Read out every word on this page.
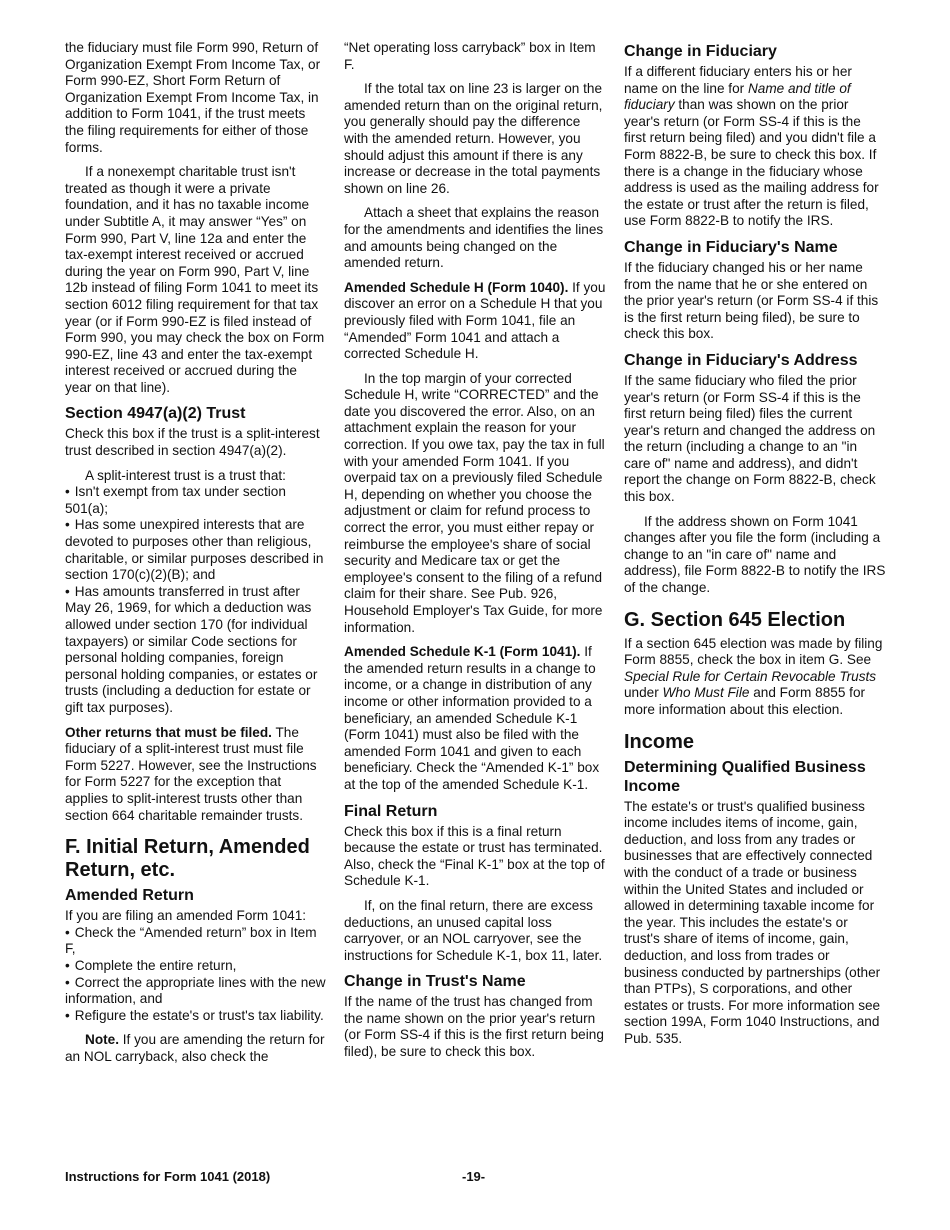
the fiduciary must file Form 990, Return of Organization Exempt From Income Tax, or Form 990-EZ, Short Form Return of Organization Exempt From Income Tax, in addition to Form 1041, if the trust meets the filing requirements for either of those forms.

If a nonexempt charitable trust isn't treated as though it were a private foundation, and it has no taxable income under Subtitle A, it may answer “Yes” on Form 990, Part V, line 12a and enter the tax-exempt interest received or accrued during the year on Form 990, Part V, line 12b instead of filing Form 1041 to meet its section 6012 filing requirement for that tax year (or if Form 990-EZ is filed instead of Form 990, you may check the box on Form 990-EZ, line 43 and enter the tax-exempt interest received or accrued during the year on that line).

Section 4947(a)(2) Trust

Check this box if the trust is a split-interest trust described in section 4947(a)(2).

A split-interest trust is a trust that:

• Isn't exempt from tax under section 501(a);
• Has some unexpired interests that are devoted to purposes other than religious, charitable, or similar purposes described in section 170(c)(2)(B); and
• Has amounts transferred in trust after May 26, 1969, for which a deduction was allowed under section 170 (for individual taxpayers) or similar Code sections for personal holding companies, foreign personal holding companies, or estates or trusts (including a deduction for estate or gift tax purposes).

Other returns that must be filed. The fiduciary of a split-interest trust must file Form 5227. However, see the Instructions for Form 5227 for the exception that applies to split-interest trusts other than section 664 charitable remainder trusts.

F. Initial Return, Amended Return, etc.
Amended Return

If you are filing an amended Form 1041:

• Check the “Amended return” box in Item F,
• Complete the entire return,
• Correct the appropriate lines with the new information, and
• Refigure the estate's or trust's tax liability.

Note. If you are amending the return for an NOL carryback, also check the

“Net operating loss carryback” box in Item F.

If the total tax on line 23 is larger on the amended return than on the original return, you generally should pay the difference with the amended return. However, you should adjust this amount if there is any increase or decrease in the total payments shown on line 26.

Attach a sheet that explains the reason for the amendments and identifies the lines and amounts being changed on the amended return.

Amended Schedule H (Form 1040). If you discover an error on a Schedule H that you previously filed with Form 1041, file an “Amended” Form 1041 and attach a corrected Schedule H.

In the top margin of your corrected Schedule H, write “CORRECTED” and the date you discovered the error. Also, on an attachment explain the reason for your correction. If you owe tax, pay the tax in full with your amended Form 1041. If you overpaid tax on a previously filed Schedule H, depending on whether you choose the adjustment or claim for refund process to correct the error, you must either repay or reimburse the employee's share of social security and Medicare tax or get the employee's consent to the filing of a refund claim for their share. See Pub. 926, Household Employer's Tax Guide, for more information.

Amended Schedule K-1 (Form 1041). If the amended return results in a change to income, or a change in distribution of any income or other information provided to a beneficiary, an amended Schedule K-1 (Form 1041) must also be filed with the amended Form 1041 and given to each beneficiary. Check the “Amended K-1” box at the top of the amended Schedule K-1.

Final Return

Check this box if this is a final return because the estate or trust has terminated. Also, check the “Final K-1” box at the top of Schedule K-1.

If, on the final return, there are excess deductions, an unused capital loss carryover, or an NOL carryover, see the instructions for Schedule K-1, box 11, later.

Change in Trust's Name

If the name of the trust has changed from the name shown on the prior year's return (or Form SS-4 if this is the first return being filed), be sure to check this box.

Change in Fiduciary

If a different fiduciary enters his or her name on the line for Name and title of fiduciary than was shown on the prior year's return (or Form SS-4 if this is the first return being filed) and you didn't file a Form 8822-B, be sure to check this box. If there is a change in the fiduciary whose address is used as the mailing address for the estate or trust after the return is filed, use Form 8822-B to notify the IRS.

Change in Fiduciary's Name

If the fiduciary changed his or her name from the name that he or she entered on the prior year's return (or Form SS-4 if this is the first return being filed), be sure to check this box.

Change in Fiduciary's Address

If the same fiduciary who filed the prior year's return (or Form SS-4 if this is the first return being filed) files the current year's return and changed the address on the return (including a change to an "in care of" name and address), and didn't report the change on Form 8822-B, check this box.

If the address shown on Form 1041 changes after you file the form (including a change to an "in care of" name and address), file Form 8822-B to notify the IRS of the change.

G. Section 645 Election

If a section 645 election was made by filing Form 8855, check the box in item G. See Special Rule for Certain Revocable Trusts under Who Must File and Form 8855 for more information about this election.

Income
Determining Qualified Business Income

The estate's or trust's qualified business income includes items of income, gain, deduction, and loss from any trades or businesses that are effectively connected with the conduct of a trade or business within the United States and included or allowed in determining taxable income for the year. This includes the estate's or trust's share of items of income, gain, deduction, and loss from trades or business conducted by partnerships (other than PTPs), S corporations, and other estates or trusts. For more information see section 199A, Form 1040 Instructions, and Pub. 535.

Instructions for Form 1041 (2018)	-19-
